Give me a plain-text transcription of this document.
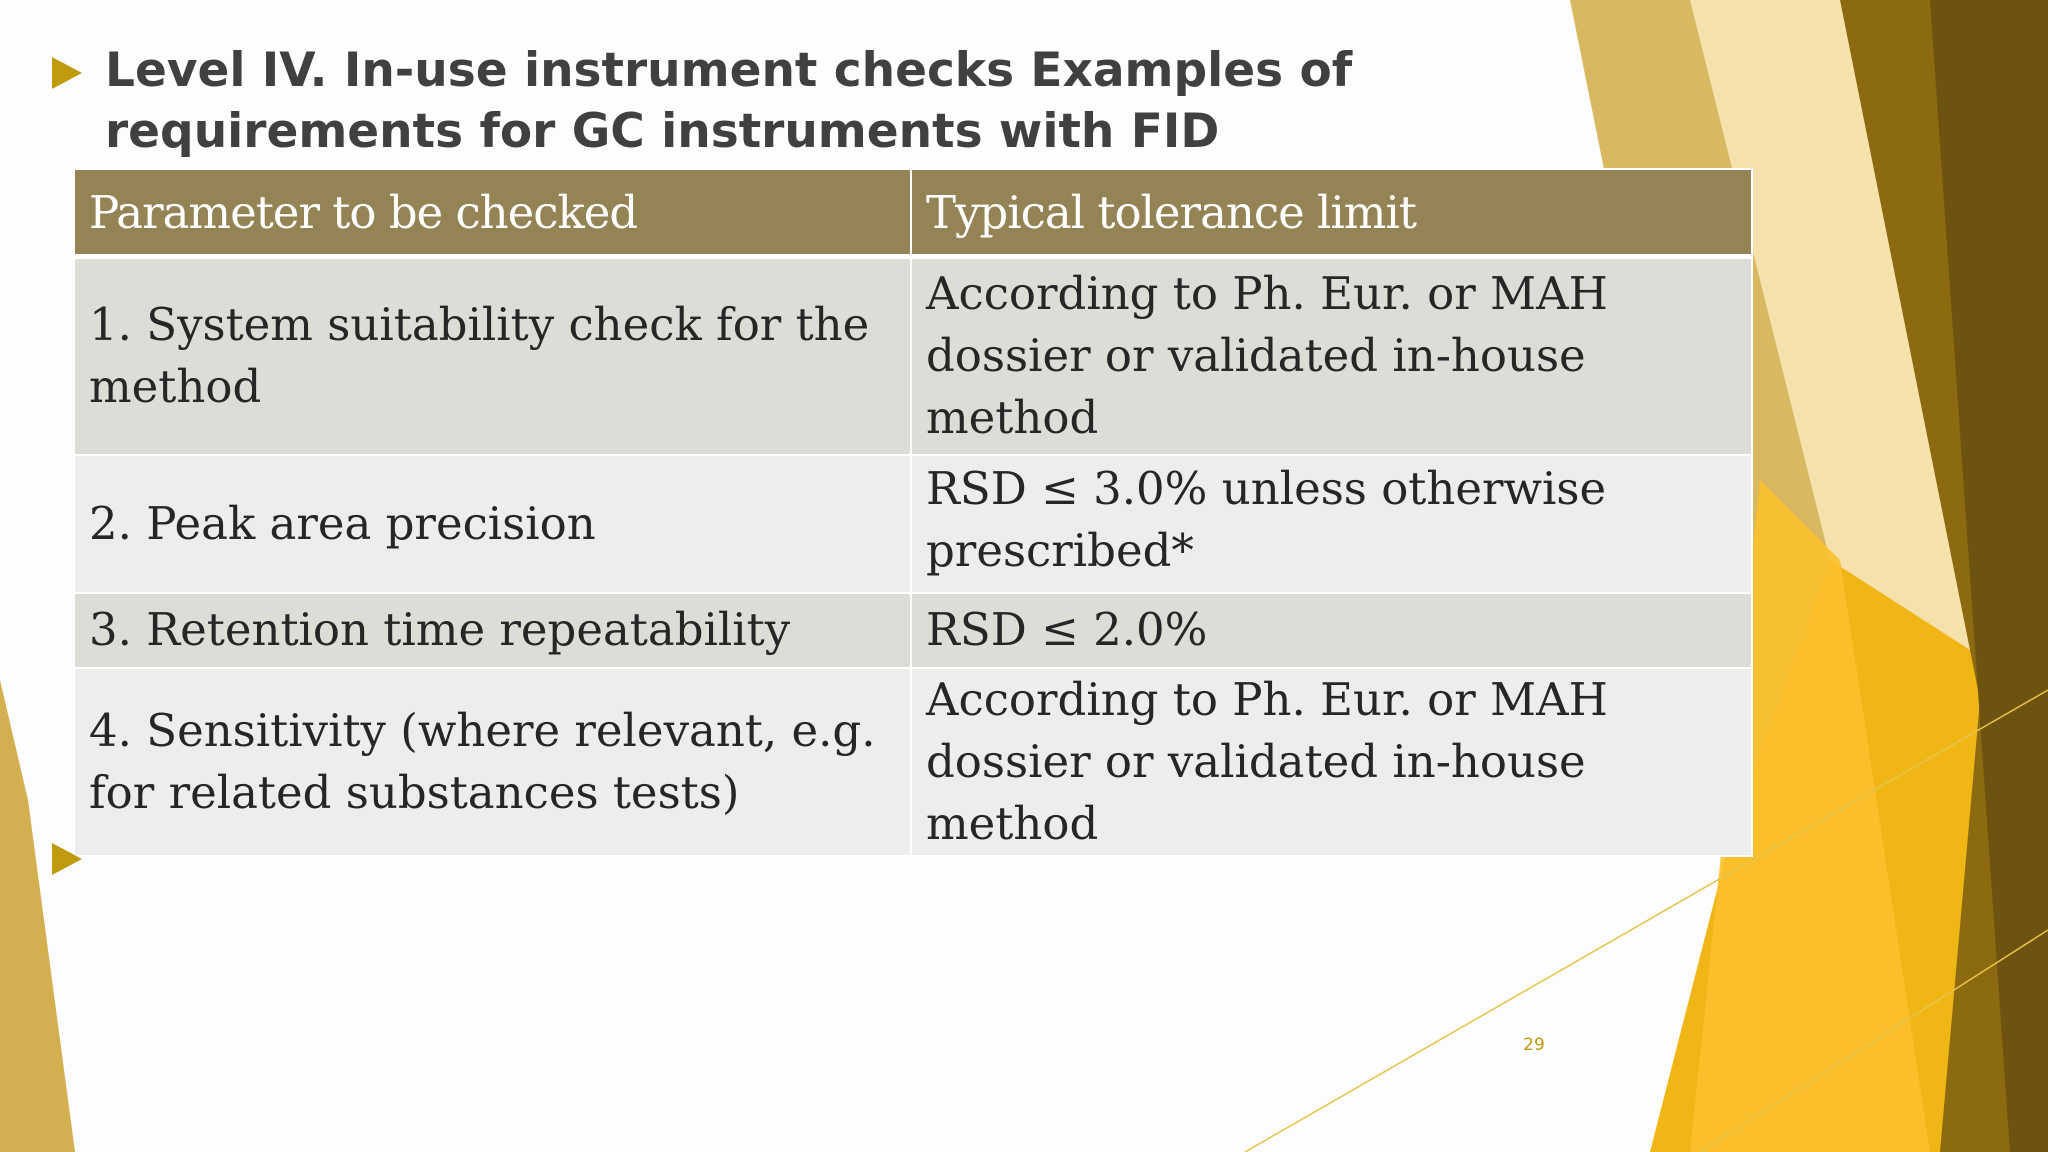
Level IV. In-use instrument checks Examples of requirements for GC instruments with FID
Parameter to be checked	Typical tolerance limit
1. System suitability check for the method	According to Ph. Eur. or MAH dossier or validated in-house method
2. Peak area precision	RSD ≤ 3.0% unless otherwise prescribed*
3. Retention time repeatability	RSD ≤ 2.0%
4. Sensitivity (where relevant, e.g. for related substances tests)	According to Ph. Eur. or MAH dossier or validated in-house method
29
